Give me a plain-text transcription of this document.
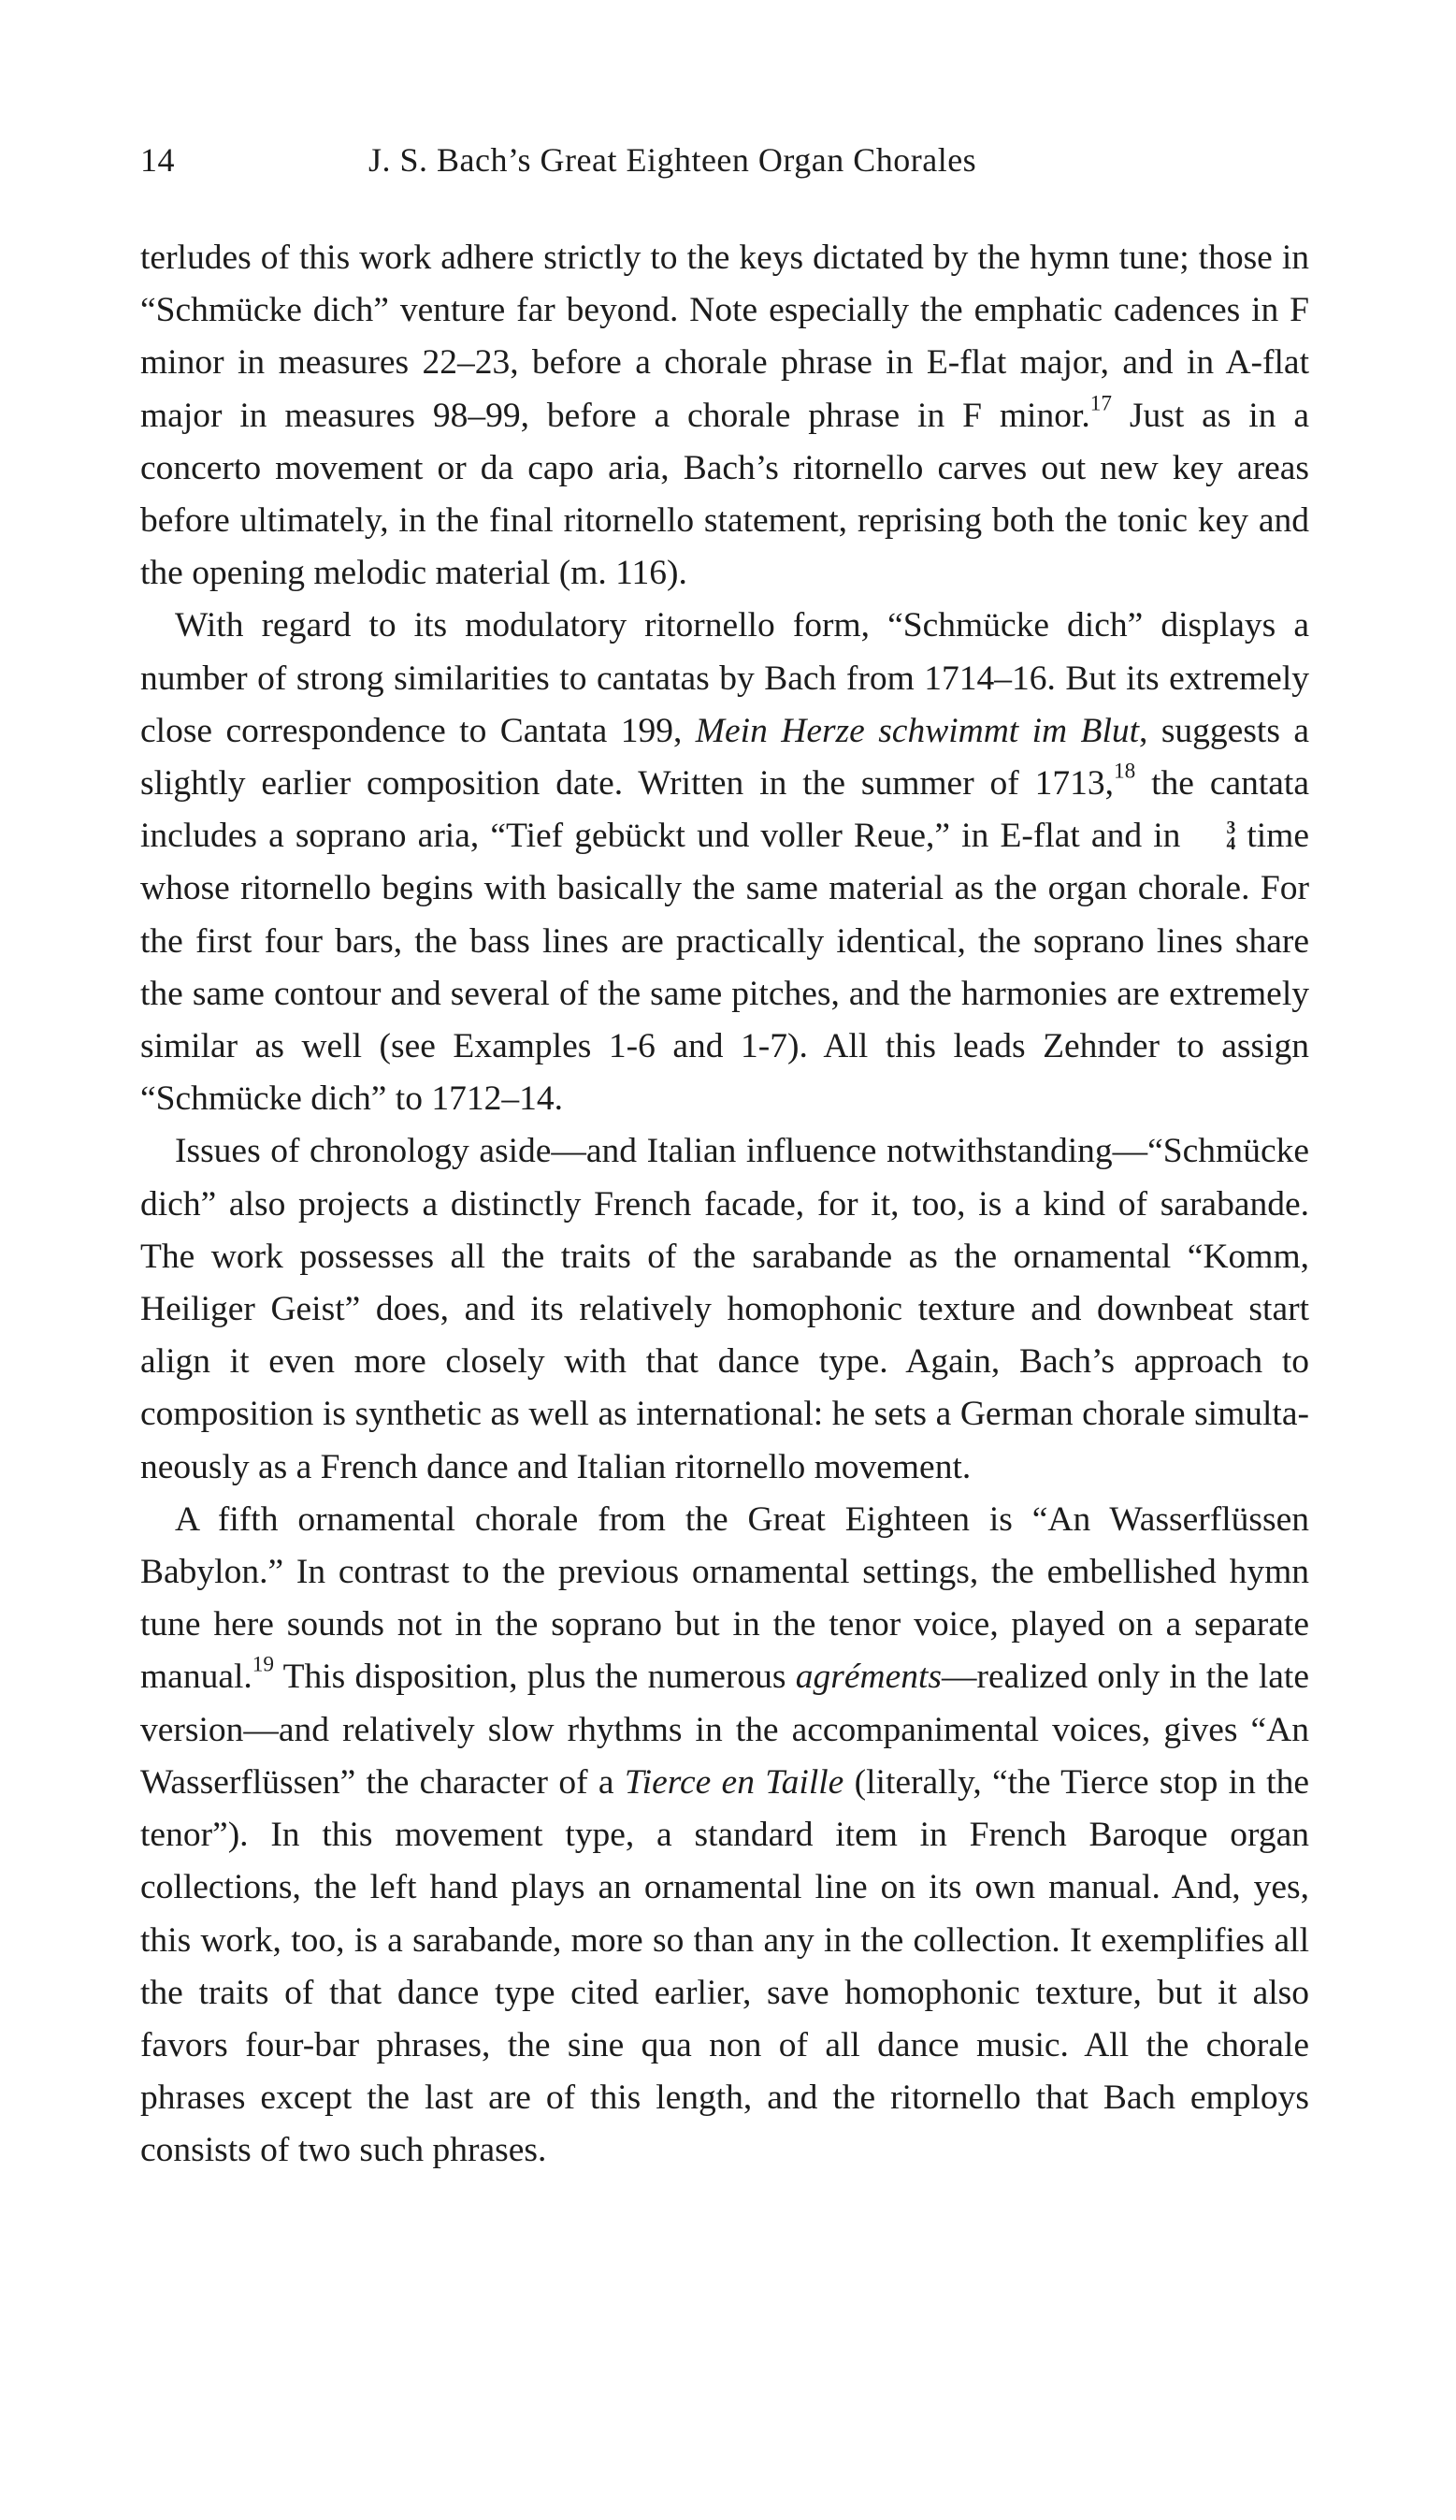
14	J. S. Bach’s Great Eighteen Organ Chorales

terludes of this work adhere strictly to the keys dictated by the hymn tune; those in “Schmücke dich” venture far beyond. Note especially the emphatic cadences in F minor in measures 22–23, before a chorale phrase in E-flat major, and in A-flat major in measures 98–99, before a chorale phrase in F minor.$^{17}$ Just as in a concerto movement or da capo aria, Bach’s ritornello carves out new key areas before ultimately, in the final ritornello statement, reprising both the tonic key and the opening melodic material (m. 116).

With regard to its modulatory ritornello form, “Schmücke dich” displays a number of strong similarities to cantatas by Bach from 1714–16. But its extremely close correspondence to Cantata 199, Mein Herze schwimmt im Blut, suggests a slightly earlier composition date. Written in the summer of 1713,18 the cantata includes a soprano aria, “Tief gebückt und voller Reue,” in E-flat and in	3
4 time whose ritornello begins with basically the same material as the organ chorale. For the first four bars, the bass lines are practically identical, the soprano lines share the same contour and several of the same pitches, and the harmonies are extremely similar as well (see Examples 1-6 and 1-7). All this leads Zehnder to assign “Schmücke dich” to 1712–14.

Issues of chronology aside—and Italian influence notwithstanding—“Schmücke dich” also projects a distinctly French facade, for it, too, is a kind of sarabande. The work possesses all the traits of the sarabande as the ornamental “Komm, Heiliger Geist” does, and its relatively homophonic texture and downbeat start align it even more closely with that dance type. Again, Bach’s approach to composition is synthetic as well as international: he sets a German chorale simultaneously as a French dance and Italian ritornello movement.

A fifth ornamental chorale from the Great Eighteen is “An Wasserflüssen Babylon.” In contrast to the previous ornamental settings, the embellished hymn tune here sounds not in the soprano but in the tenor voice, played on a separate manual.$^{19}$ This disposition, plus the numerous agréments—realized only in the late version—and relatively slow rhythms in the accompanimental voices, gives “An Wasserflüssen” the character of a Tierce en Taille (literally, “the Tierce stop in the tenor”). In this movement type, a standard item in French Baroque organ collections, the left hand plays an ornamental line on its own manual. And, yes, this work, too, is a sarabande, more so than any in the collection. It exemplifies all the traits of that dance type cited earlier, save homophonic texture, but it also favors four-bar phrases, the sine qua non of all dance music. All the chorale phrases except the last are of this length, and the ritornello that Bach employs consists of two such phrases.
